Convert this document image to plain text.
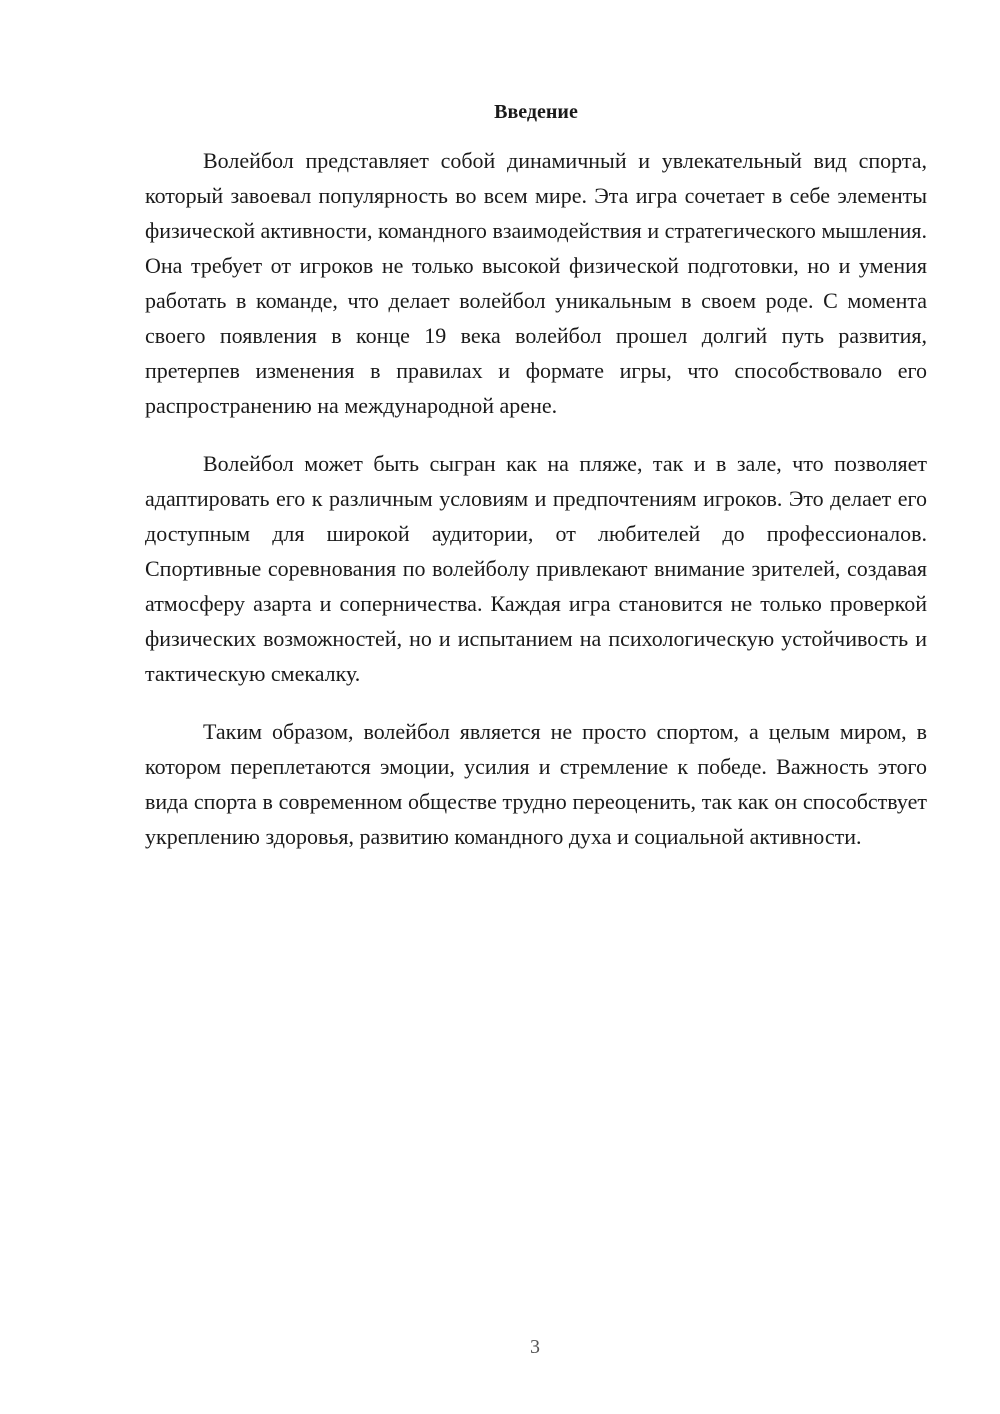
Введение

Волейбол представляет собой динамичный и увлекательный вид спорта, который завоевал популярность во всем мире. Эта игра сочетает в себе элементы физической активности, командного взаимодействия и стратегического мышления. Она требует от игроков не только высокой физической подготовки, но и умения работать в команде, что делает волейбол уникальным в своем роде. С момента своего появления в конце 19 века волейбол прошел долгий путь развития, претерпев изменения в правилах и формате игры, что способствовало его распространению на международной арене.

Волейбол может быть сыгран как на пляже, так и в зале, что позволяет адаптировать его к различным условиям и предпочтениям игроков. Это делает его доступным для широкой аудитории, от любителей до профессионалов. Спортивные соревнования по волейболу привлекают внимание зрителей, создавая атмосферу азарта и соперничества. Каждая игра становится не только проверкой физических возможностей, но и испытанием на психологическую устойчивость и тактическую смекалку.

Таким образом, волейбол является не просто спортом, а целым миром, в котором переплетаются эмоции, усилия и стремление к победе. Важность этого вида спорта в современном обществе трудно переоценить, так как он способствует укреплению здоровья, развитию командного духа и социальной активности.

3
